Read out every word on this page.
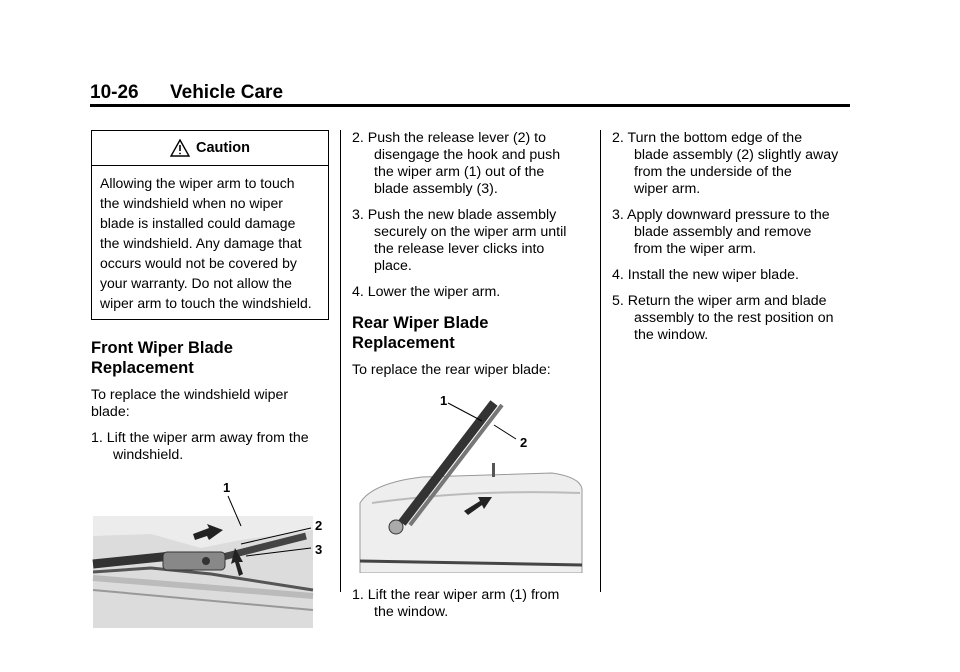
10-26 Vehicle Care
Caution
Allowing the wiper arm to touch
the windshield when no wiper
blade is installed could damage
the windshield. Any damage that
occurs would not be covered by
your warranty. Do not allow the
wiper arm to touch the windshield.
Front Wiper Blade
Replacement

To replace the windshield wiper
blade:

1. Lift the wiper arm away from the
windshield.

1
2
3

2. Push the release lever (2) to
disengage the hook and push
the wiper arm (1) out of the
blade assembly (3).

3. Push the new blade assembly
securely on the wiper arm until
the release lever clicks into
place.

4. Lower the wiper arm.

Rear Wiper Blade Replacement

To replace the rear wiper blade:

1
2

1. Lift the rear wiper arm (1) from
the window.

2. Turn the bottom edge of the
blade assembly (2) slightly away
from the underside of the
wiper arm.

3. Apply downward pressure to the
blade assembly and remove
from the wiper arm.

4. Install the new wiper blade.

5. Return the wiper arm and blade
assembly to the rest position on
the window.
